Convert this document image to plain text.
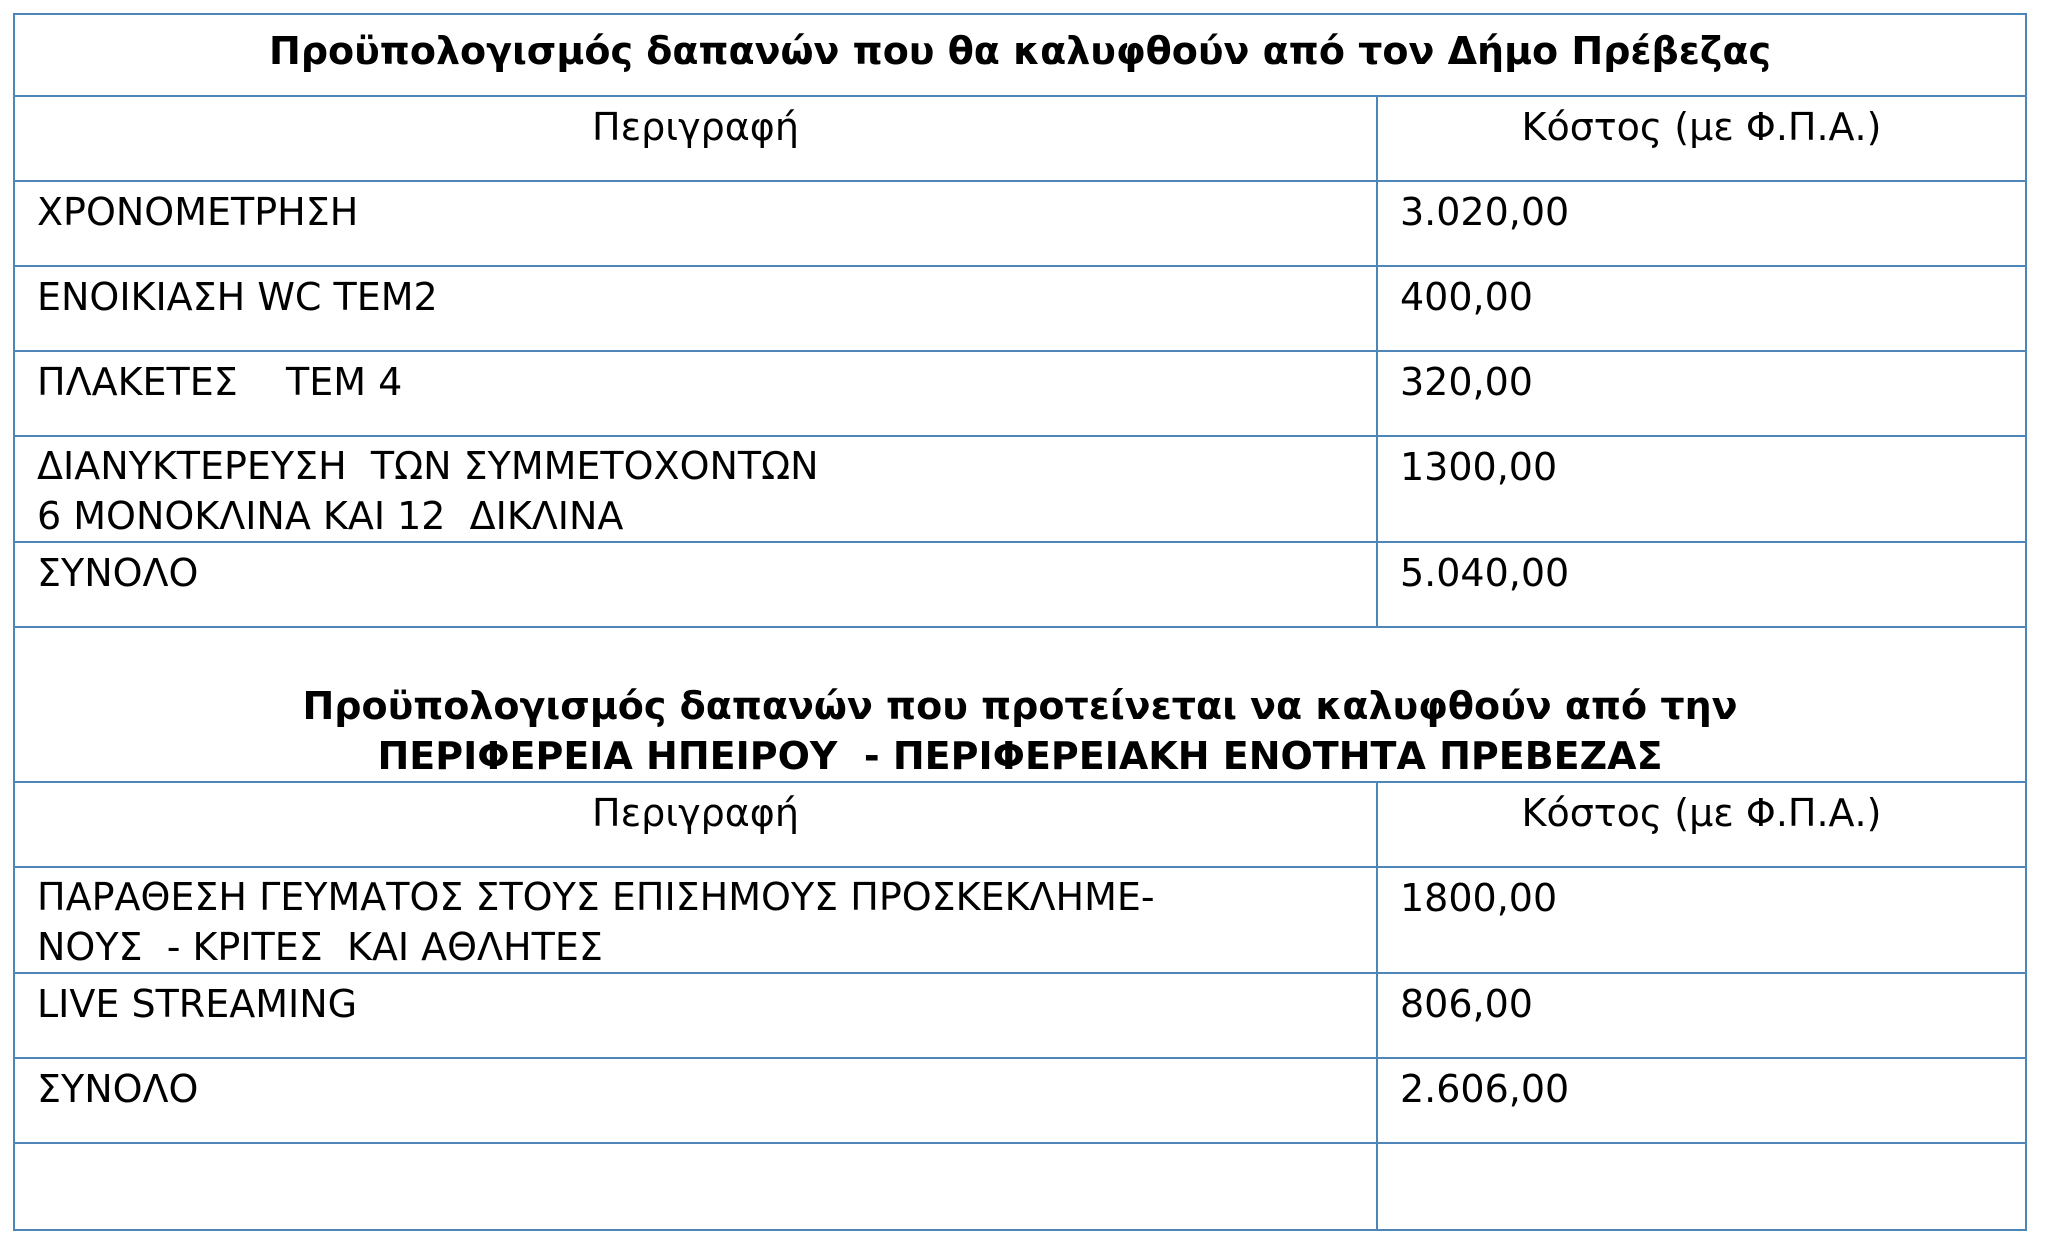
Προϋπολογισμός δαπανών που θα καλυφθούν από τον Δήμο Πρέβεζας	
Περιγραφή	Κόστος (με Φ.Π.Α.)
ΧΡΟΝΟΜΕΤΡΗΣΗ	3.020,00
ΕΝΟΙΚΙΑΣΗ WC ΤΕΜ2	400,00
ΠΛΑΚΕΤΕΣ    ΤΕΜ 4	320,00

ΔΙΑΝΥΚΤΕΡΕΥΣΗ  ΤΩΝ ΣΥΜΜΕΤΟΧΟΝΤΩΝ
6 ΜΟΝΟΚΛΙΝΑ ΚΑΙ 12  ΔΙΚΛΙΝΑ	1300,00
ΣΥΝΟΛΟ	5.040,00

Προϋπολογισμός δαπανών που προτείνεται να καλυφθούν από την
ΠΕΡΙΦΕΡΕΙΑ ΗΠΕΙΡΟΥ  - ΠΕΡΙΦΕΡΕΙΑΚΗ ΕΝΟΤΗΤΑ ΠΡΕΒΕΖΑΣ	

Περιγραφή	Κόστος (με Φ.Π.Α.)

ΠΑΡΑΘΕΣΗ ΓΕΥΜΑΤΟΣ ΣΤΟΥΣ ΕΠΙΣΗΜΟΥΣ ΠΡΟΣΚΕΚΛΗΜΕ-
ΝΟΥΣ  - ΚΡΙΤΕΣ  ΚΑΙ ΑΘΛΗΤΕΣ	1800,00
LIVE STREAMING	806,00
ΣΥΝΟΛΟ	2.606,00
